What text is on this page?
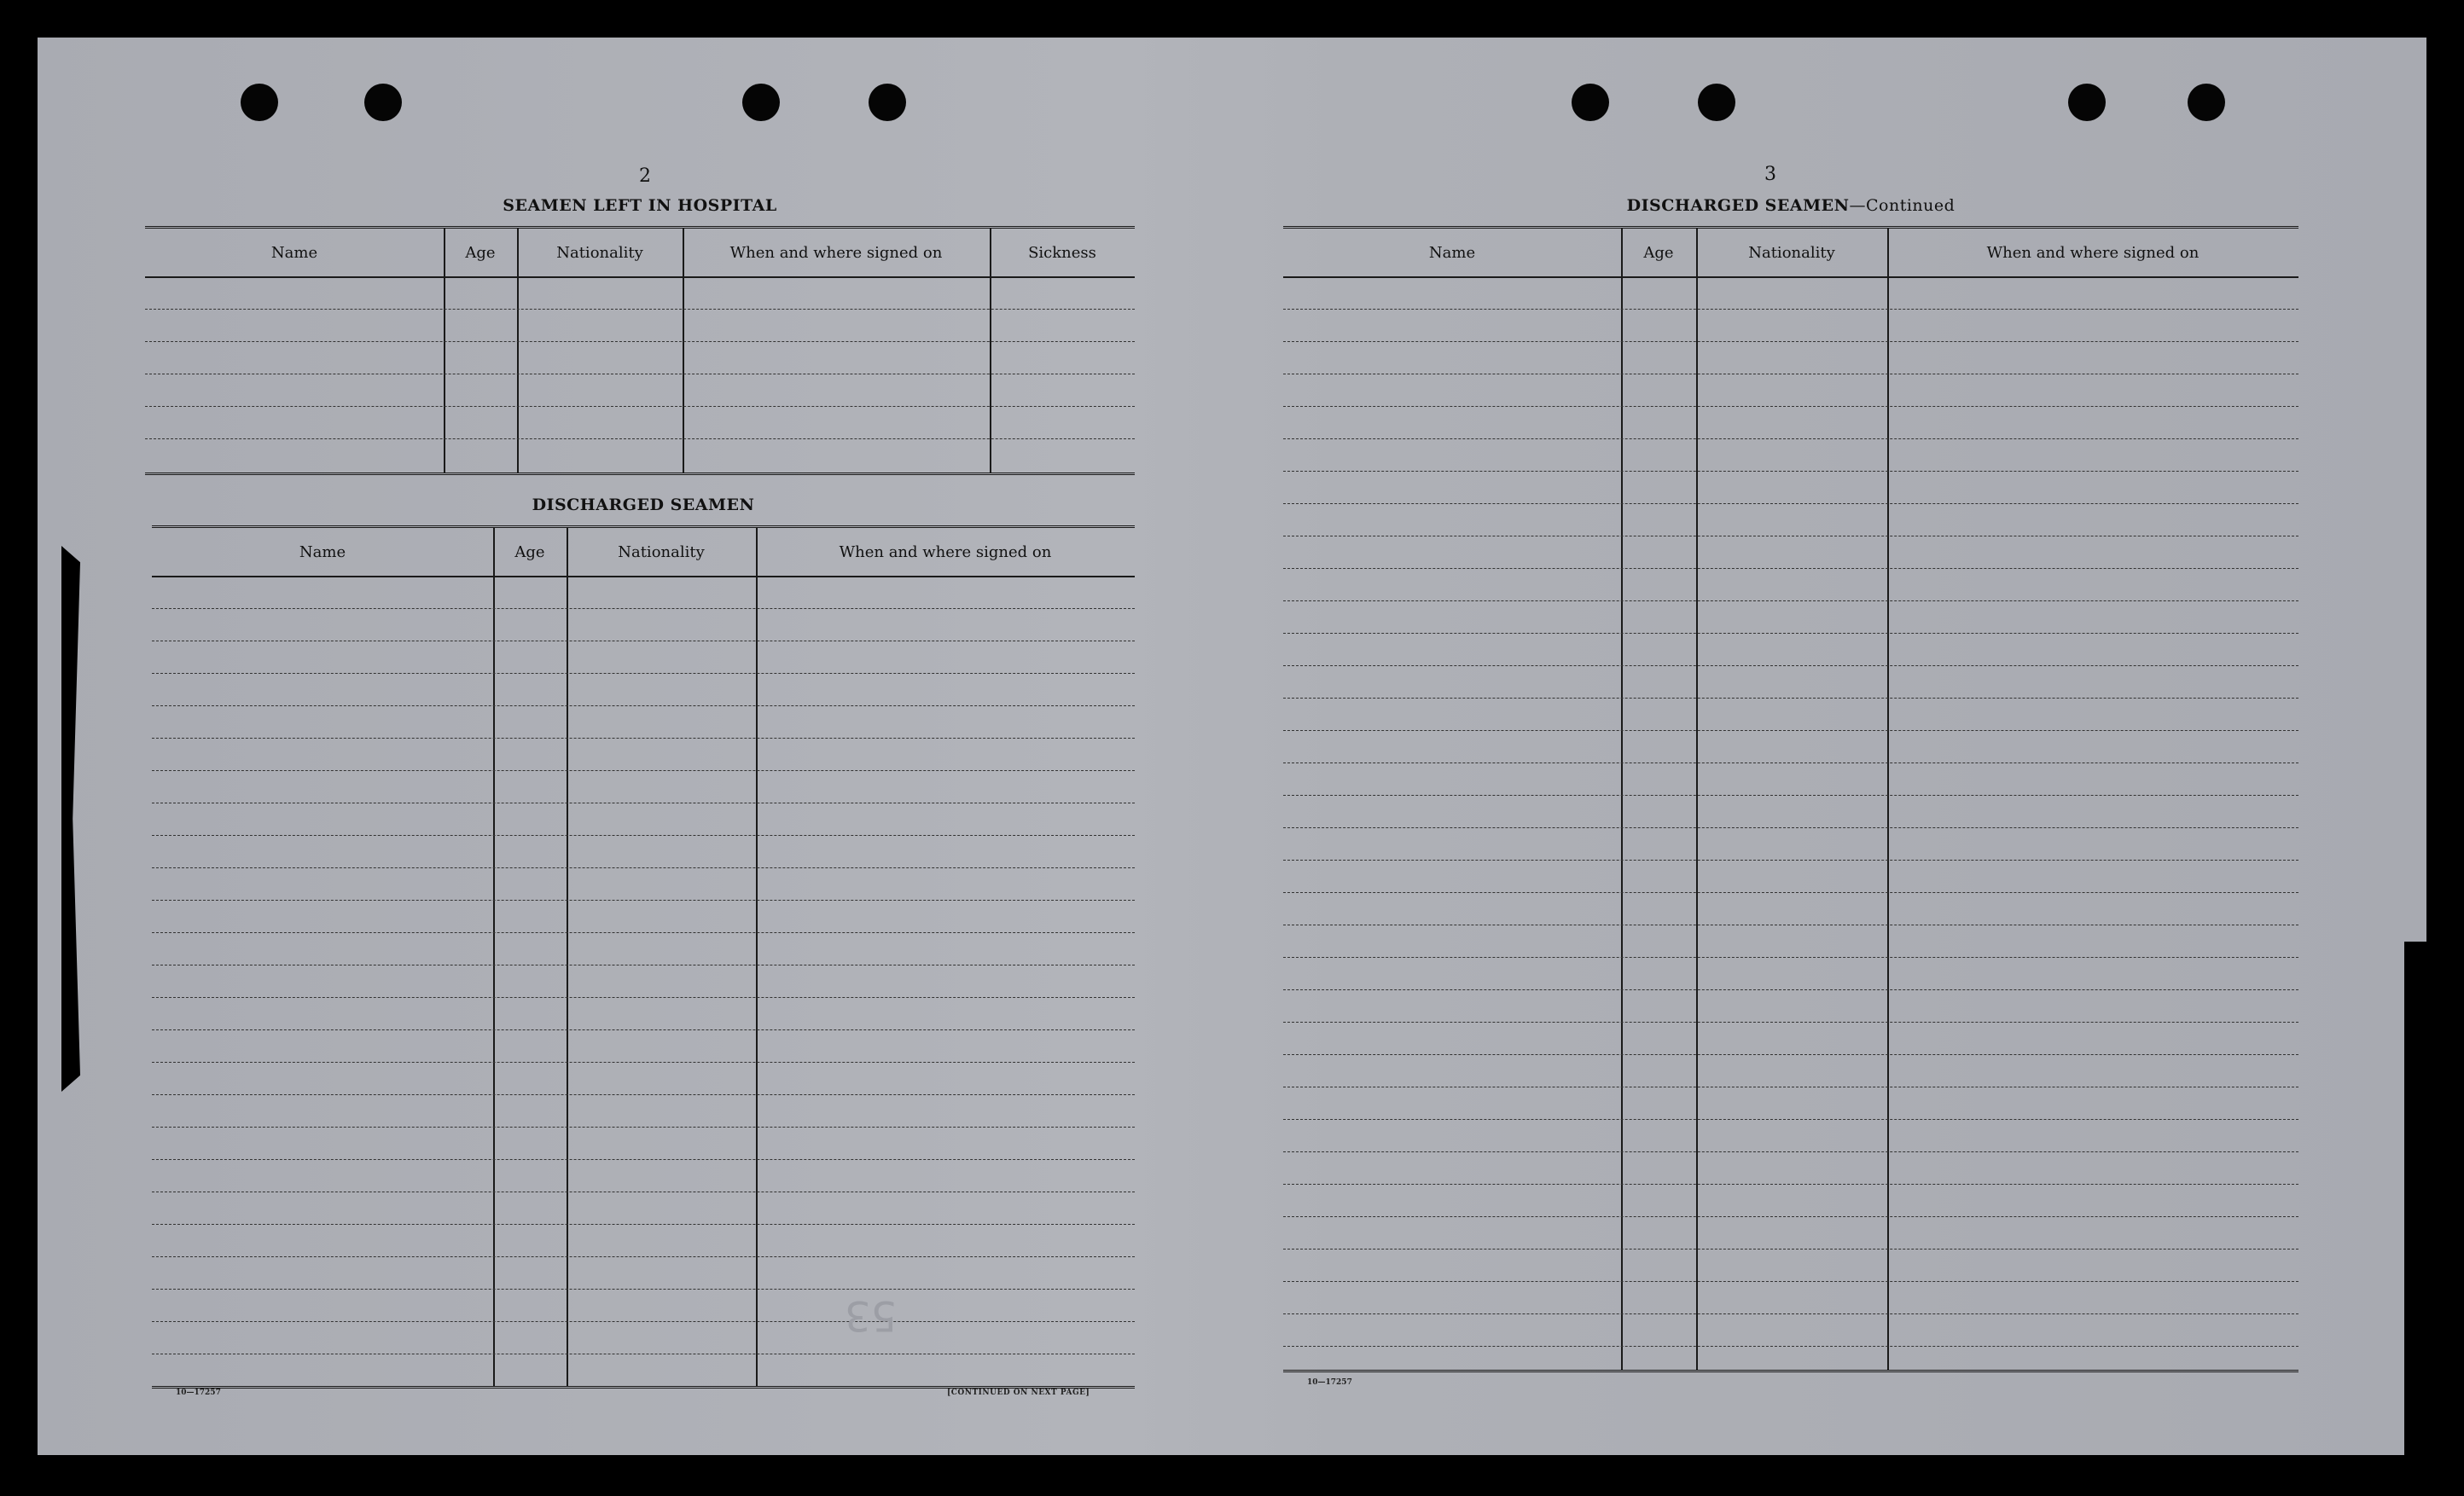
2
SEAMEN LEFT IN HOSPITAL
Name	Age	Nationality	When and where signed on	Sickness
DISCHARGED SEAMEN
Name	Age	Nationality	When and where signed on
53
10—17257	[CONTINUED ON NEXT PAGE]
3
DISCHARGED SEAMEN—Continued
Name	Age	Nationality	When and where signed on
10—17257
